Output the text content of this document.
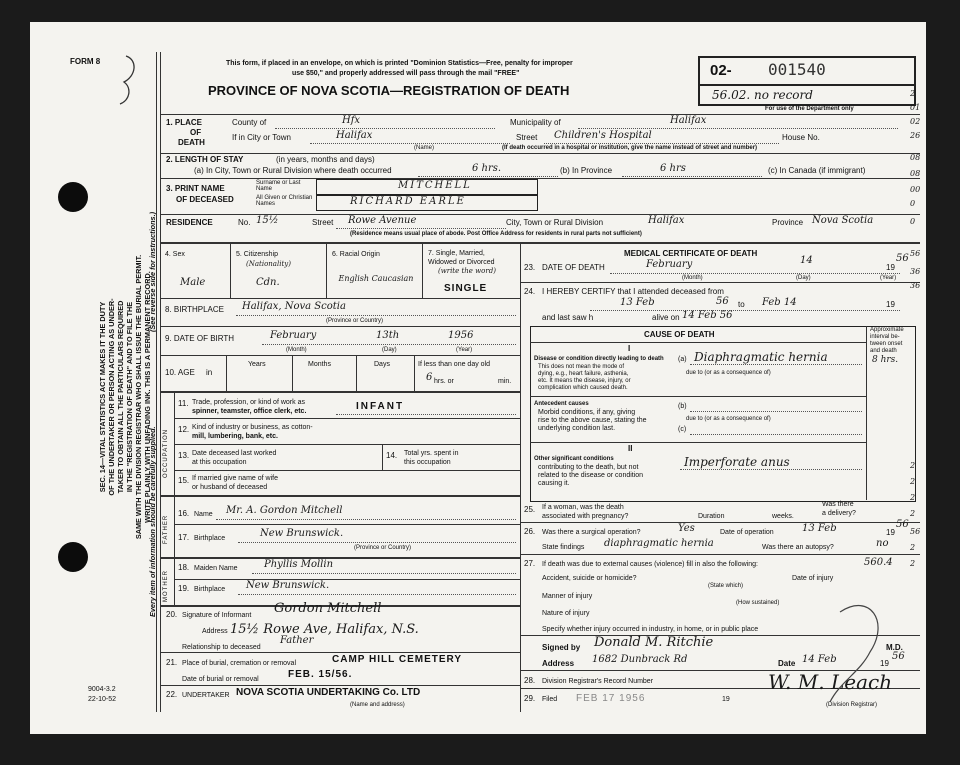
FORM 8
SEC. 14—VITAL STATISTICS ACT MAKES IT THE DUTY OF THE UNDERTAKER OR PERSON ACTING AS UNDER- TAKER TO OBTAIN ALL THE PARTICULARS REQUIRED IN THE "REGISTRATION OF DEATH" AND TO FILE THE SAME WITH THE DIVISION REGISTRAR WHO SHALL ISSUE THE BURIAL PERMIT. WRITE PLAINLY WITH UNFADING INK. THIS IS A PERMANENT RECORD.
(See reverse side for instructions.)
Every item of information should be carefully supplied.
9004-3.2
22-10-52
This form, if placed in an envelope, on which is printed "Dominion Statistics—Free, penalty for improper
use $50," and properly addressed will pass through the mail "FREE"
PROVINCE OF NOVA SCOTIA—REGISTRATION OF DEATH
02- 001540
56.02. no record
For use of the Department only
1. PLACE
OF
DEATH
County of	Hfx	Municipality of	Halifax
If in City or Town	Halifax	Street Children's Hospital	House No.
(Name)	(If death occurred in a hospital or institution, give the name instead of street and number)
2. LENGTH OF STAY	(in years, months and days)
(a) In City, Town or Rural Division where death occurred	6 hrs.	(b) In Province	6 hrs	(c) In Canada (if immigrant)
3. PRINT NAME
OF DECEASED
Surname or Last Name	MITCHELL
All Given or Christian Names	RICHARD EARLE
RESIDENCE	No. 15½	Street Rowe Avenue	City, Town or Rural Division	Halifax	Province Nova Scotia
(Residence means usual place of abode. Post Office Address for residents in rural parts not sufficient)
4. Sex
Male
5. Citizenship
(Nationality)
Cdn.
6. Racial Origin
English Caucasian
7. Single, Married,
Widowed or Divorced
(write the word)
SINGLE
8. BIRTHPLACE Halifax, Nova Scotia
(Province or Country)
9. DATE OF BIRTH	February	13th	1956
(Month)	(Day)	(Year)
10. AGE in
Years	Months	Days	If less than one day old
6 hrs. or	min.
OCCUPATION
11. Trade, profession, or kind of work as
spinner, teamster, office clerk, etc.	INFANT
12. Kind of industry or business, as cotton-
mill, lumbering, bank, etc.
13. Date deceased last worked
at this occupation
14. Total yrs. spent in
this occupation
15. If married give name of wife
or husband of deceased
FATHER
16. Name Mr. A. Gordon Mitchell
17. Birthplace	New Brunswick.
(Province or Country)
MOTHER
18. Maiden Name	Phyllis Mollin
19. Birthplace New Brunswick.
20. Signature of Informant Gordon Mitchell
Address 15½ Rowe Ave, Halifax, N.S.
Relationship to deceased
Father
21. Place of burial, cremation or removal	CAMP HILL CEMETERY
Date of burial or removal	FEB. 15/56.
22. UNDERTAKER NOVA SCOTIA UNDERTAKING Co. LTD
(Name and address)
MEDICAL CERTIFICATE OF DEATH
23. DATE OF DEATH	February	14
19
56
(Month)	(Day)	(Year)
24. I HEREBY CERTIFY that I attended deceased from
13 Feb	56 to Feb 14	19
and last saw h	alive on 14 Feb 56
CAUSE OF DEATH	Approximate
interval be-
tween onset
and death
I
Disease or condition directly leading to death
This does not mean the mode of
dying, e.g., heart failure, asthenia,
etc. It means the disease, injury, or
complication which caused death.
(a) Diaphragmatic hernia	8 hrs.
due to (or as a consequence of)
Antecedent causes
Morbid conditions, if any, giving
rise to the above cause, stating the
underlying condition last.
(b)
due to (or as a consequence of)
(c)
II
Other significant conditions
contributing to the death, but not
related to the disease or condition
causing it.
Imperforate anus
25. If a woman, was the death
associated with pregnancy?	Duration	weeks.
Was there
a delivery?
26. Was there a surgical operation?	Yes	Date of operation	13 Feb	19
56
State findings diaphragmatic hernia	Was there an autopsy?	no
27. If death was due to external causes (violence) fill in also the following:	560.4
Accident, suicide or homicide?
(State which)
Date of injury
Manner of injury
(How sustained)
Nature of injury
Specify whether injury occurred in industry, in home, or in public place
Signed by Donald M. Ritchie	M.D.
Address 1682 Dunbrack Rd	Date 14 Feb	19
56
28. Division Registrar's Record Number
29. Filed FEB 17 1956	19
W. M. Leach
(Division Registrar)
2
01
02
26
08
08
00
0
0
56
36
36
2
2
2
2
56
2
2
